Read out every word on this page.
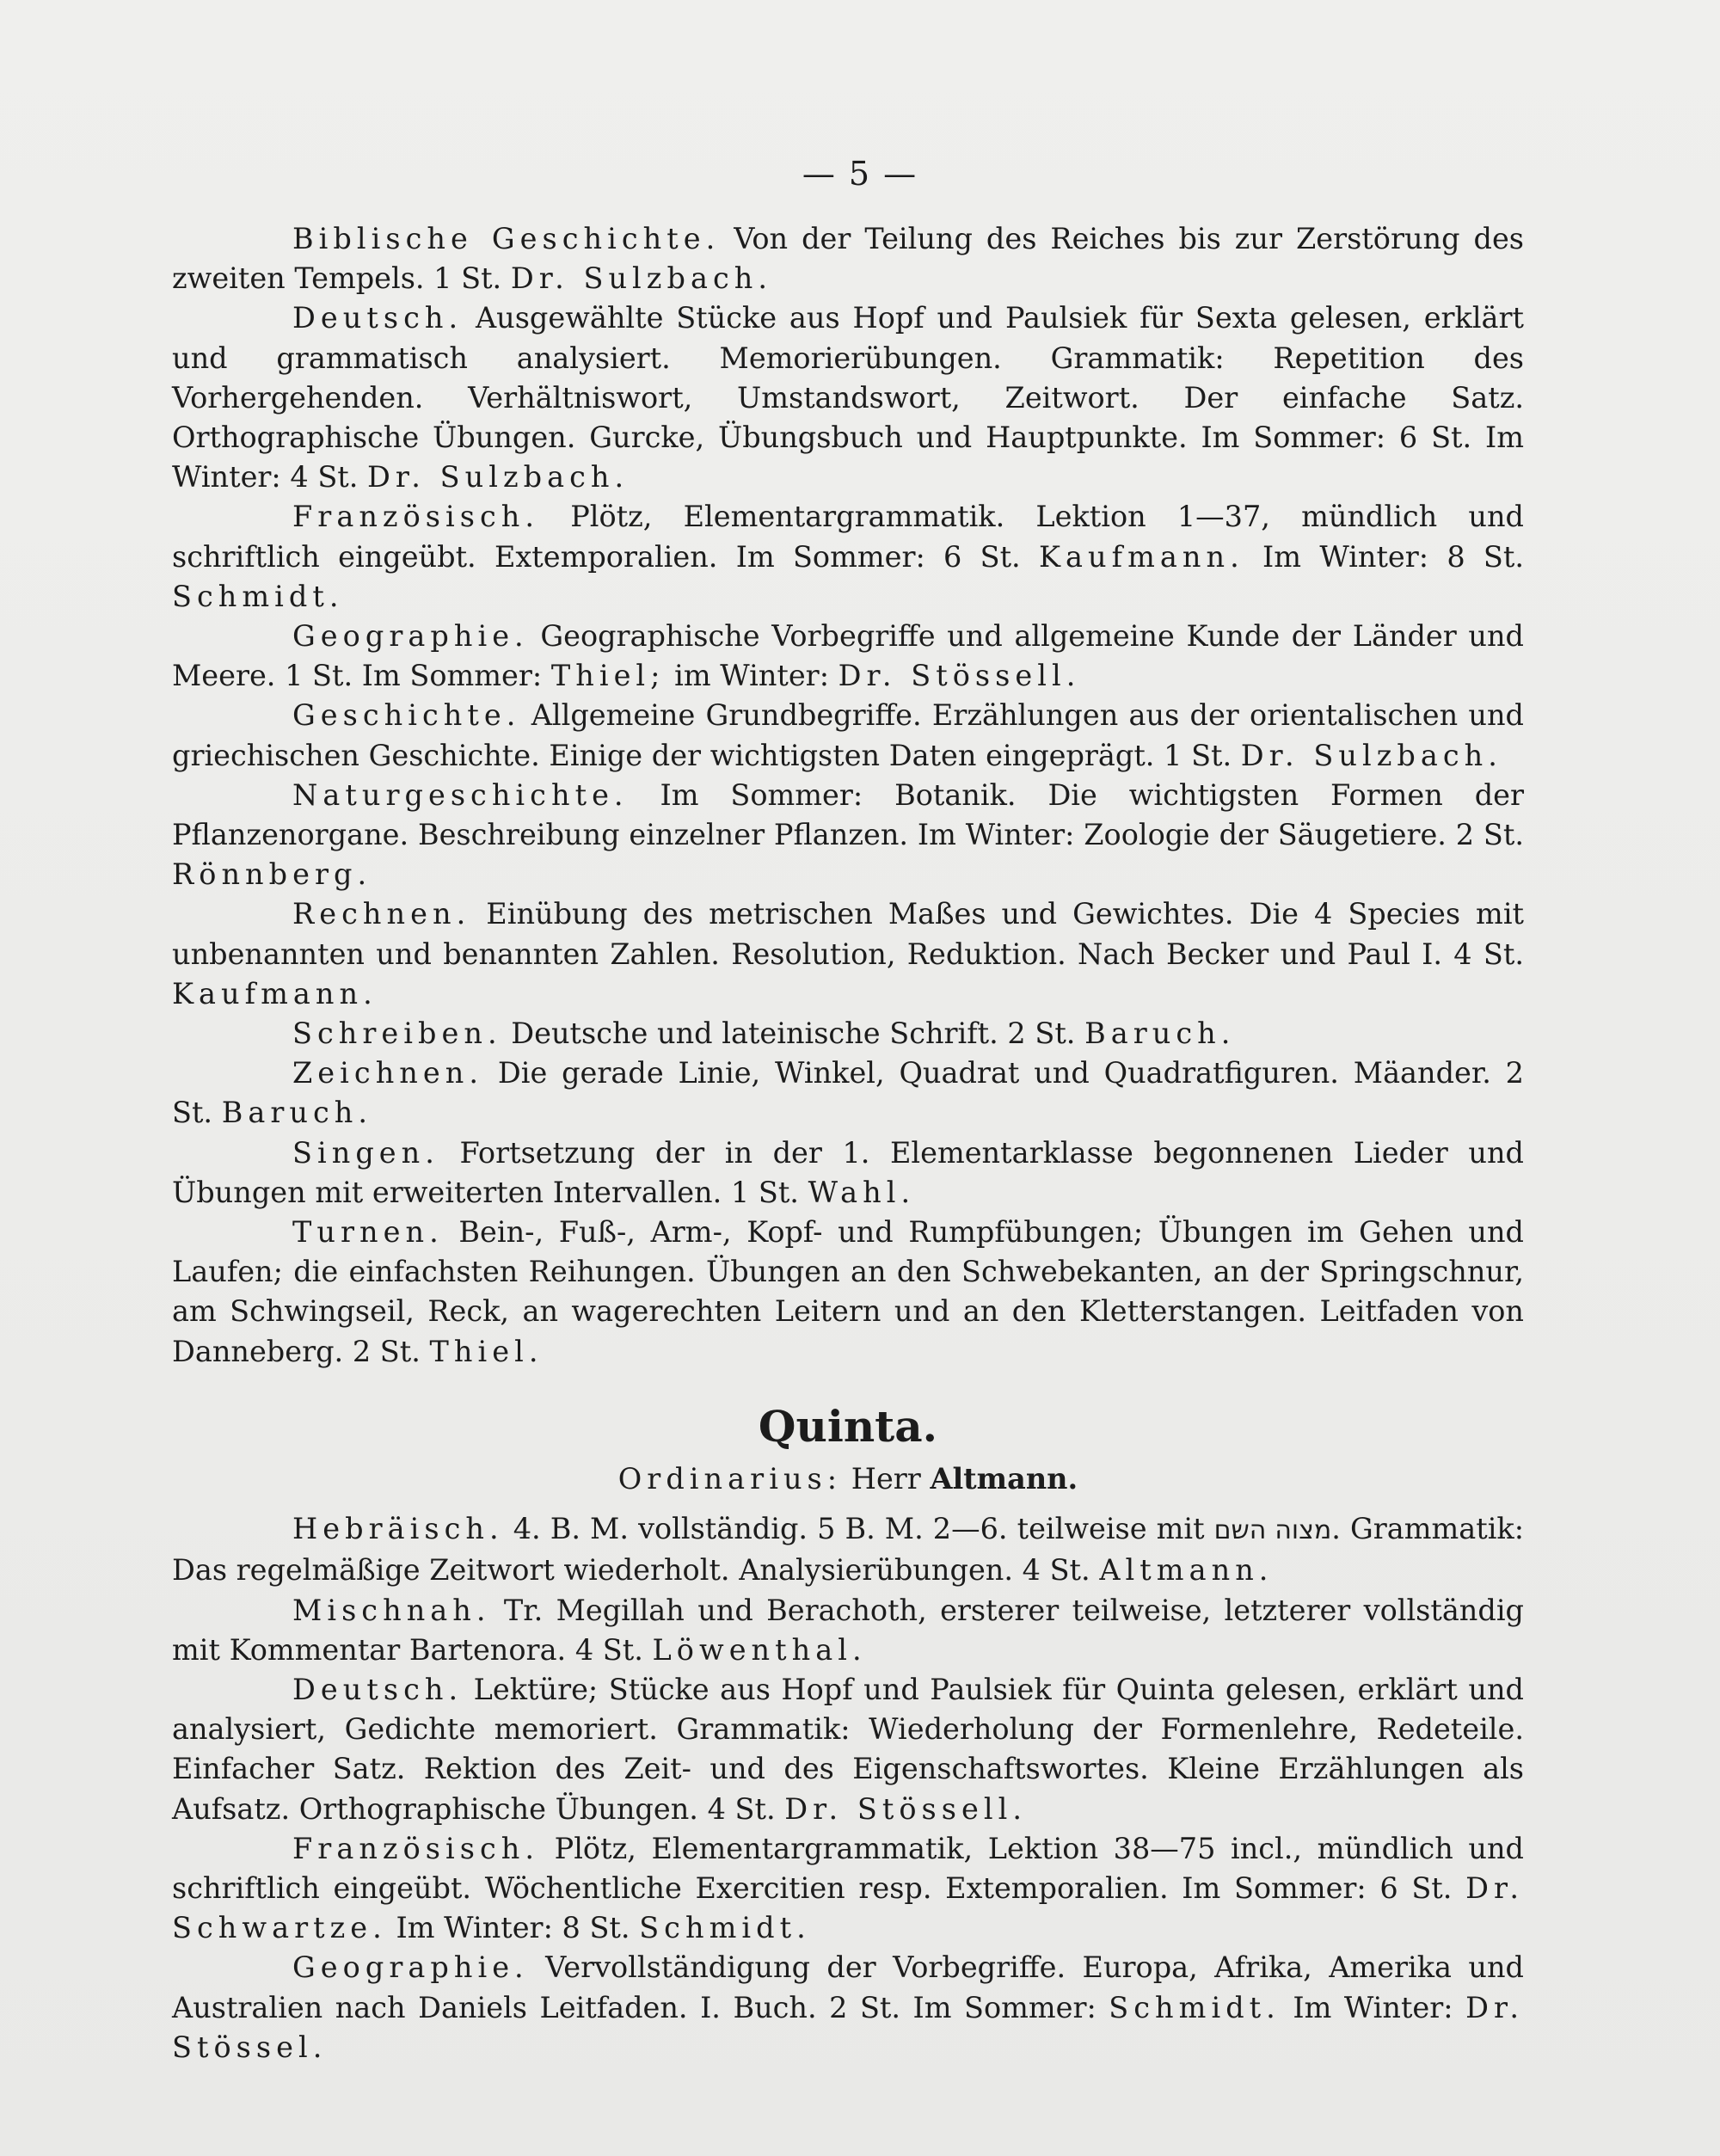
— 5 —

Biblische Geschichte. Von der Teilung des Reiches bis zur Zerstörung des zweiten Tempels. 1 St. Dr. Sulzbach.

Deutsch. Ausgewählte Stücke aus Hopf und Paulsiek für Sexta gelesen, erklärt und grammatisch analysiert. Memorierübungen. Grammatik: Repetition des Vorhergehenden. Verhältniswort, Umstandswort, Zeitwort. Der einfache Satz. Orthographische Übungen. Gurcke, Übungsbuch und Hauptpunkte. Im Sommer: 6 St. Im Winter: 4 St. Dr. Sulzbach.

Französisch. Plötz, Elementargrammatik. Lektion 1—37, mündlich und schriftlich eingeübt. Extemporalien. Im Sommer: 6 St. Kaufmann. Im Winter: 8 St. Schmidt.

Geographie. Geographische Vorbegriffe und allgemeine Kunde der Länder und Meere. 1 St. Im Sommer: Thiel; im Winter: Dr. Stössell.

Geschichte. Allgemeine Grundbegriffe. Erzählungen aus der orientalischen und griechischen Geschichte. Einige der wichtigsten Daten eingeprägt. 1 St. Dr. Sulzbach.

Naturgeschichte. Im Sommer: Botanik. Die wichtigsten Formen der Pflanzenorgane. Beschreibung einzelner Pflanzen. Im Winter: Zoologie der Säugetiere. 2 St. Rönnberg.

Rechnen. Einübung des metrischen Maßes und Gewichtes. Die 4 Species mit unbenannten und benannten Zahlen. Resolution, Reduktion. Nach Becker und Paul I. 4 St. Kaufmann.

Schreiben. Deutsche und lateinische Schrift. 2 St. Baruch.

Zeichnen. Die gerade Linie, Winkel, Quadrat und Quadratfiguren. Mäander. 2 St. Baruch.

Singen. Fortsetzung der in der 1. Elementarklasse begonnenen Lieder und Übungen mit erweiterten Intervallen. 1 St. Wahl.

Turnen. Bein-, Fuß-, Arm-, Kopf- und Rumpfübungen; Übungen im Gehen und Laufen; die einfachsten Reihungen. Übungen an den Schwebekanten, an der Springschnur, am Schwingseil, Reck, an wagerechten Leitern und an den Kletterstangen. Leitfaden von Danneberg. 2 St. Thiel.

Quinta.

Ordinarius: Herr Altmann.

Hebräisch. 4. B. M. vollständig. 5 B. M. 2—6. teilweise mit מצוה השם. Grammatik: Das regelmäßige Zeitwort wiederholt. Analysierübungen. 4 St. Altmann.

Mischnah. Tr. Megillah und Berachoth, ersterer teilweise, letzterer vollständig mit Kommentar Bartenora. 4 St. Löwenthal.

Deutsch. Lektüre; Stücke aus Hopf und Paulsiek für Quinta gelesen, erklärt und analysiert, Gedichte memoriert. Grammatik: Wiederholung der Formenlehre, Redeteile. Einfacher Satz. Rektion des Zeit- und des Eigenschaftswortes. Kleine Erzählungen als Aufsatz. Orthographische Übungen. 4 St. Dr. Stössell.

Französisch. Plötz, Elementargrammatik, Lektion 38—75 incl., mündlich und schriftlich eingeübt. Wöchentliche Exercitien resp. Extemporalien. Im Sommer: 6 St. Dr. Schwartze. Im Winter: 8 St. Schmidt.

Geographie. Vervollständigung der Vorbegriffe. Europa, Afrika, Amerika und Australien nach Daniels Leitfaden. I. Buch. 2 St. Im Sommer: Schmidt. Im Winter: Dr. Stössel.
